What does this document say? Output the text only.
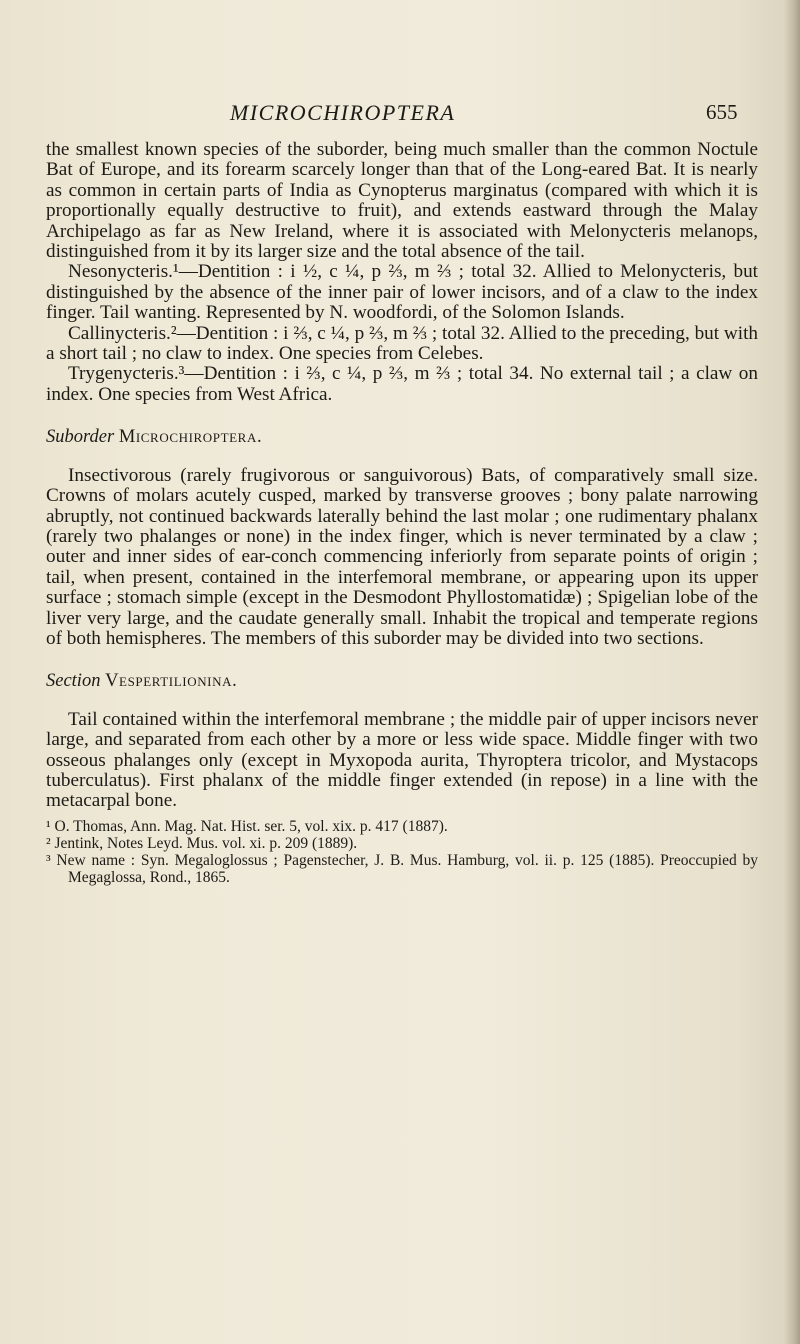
MICROCHIROPTERA	655

the smallest known species of the suborder, being much smaller than the common Noctule Bat of Europe, and its forearm scarcely longer than that of the Long-eared Bat. It is nearly as common in certain parts of India as Cynopterus marginatus (compared with which it is proportionally equally destructive to fruit), and extends eastward through the Malay Archipelago as far as New Ireland, where it is associated with Melonycteris melanops, distinguished from it by its larger size and the total absence of the tail.

Nesonycteris.¹—Dentition : i ½, c ¼, p ⅔, m ⅔ ; total 32. Allied to Melonycteris, but distinguished by the absence of the inner pair of lower incisors, and of a claw to the index finger. Tail wanting. Represented by N. woodfordi, of the Solomon Islands.

Callinycteris.²—Dentition : i ⅔, c ¼, p ⅔, m ⅔ ; total 32. Allied to the preceding, but with a short tail ; no claw to index. One species from Celebes.

Trygenycteris.³—Dentition : i ⅔, c ¼, p ⅔, m ⅔ ; total 34. No external tail ; a claw on index. One species from West Africa.

Suborder Microchiroptera.

Insectivorous (rarely frugivorous or sanguivorous) Bats, of comparatively small size. Crowns of molars acutely cusped, marked by transverse grooves ; bony palate narrowing abruptly, not continued backwards laterally behind the last molar ; one rudimentary phalanx (rarely two phalanges or none) in the index finger, which is never terminated by a claw ; outer and inner sides of ear-conch commencing inferiorly from separate points of origin ; tail, when present, contained in the interfemoral membrane, or appearing upon its upper surface ; stomach simple (except in the Desmodont Phyllostomatidæ) ; Spigelian lobe of the liver very large, and the caudate generally small. Inhabit the tropical and temperate regions of both hemispheres. The members of this suborder may be divided into two sections.

Section Vespertilionina.

Tail contained within the interfemoral membrane ; the middle pair of upper incisors never large, and separated from each other by a more or less wide space. Middle finger with two osseous phalanges only (except in Myxopoda aurita, Thyroptera tricolor, and Mystacops tuberculatus). First phalanx of the middle finger extended (in repose) in a line with the metacarpal bone.

¹ O. Thomas, Ann. Mag. Nat. Hist. ser. 5, vol. xix. p. 417 (1887).

² Jentink, Notes Leyd. Mus. vol. xi. p. 209 (1889).

³ New name : Syn. Megaloglossus ; Pagenstecher, J. B. Mus. Hamburg, vol. ii. p. 125 (1885). Preoccupied by Megaglossa, Rond., 1865.
